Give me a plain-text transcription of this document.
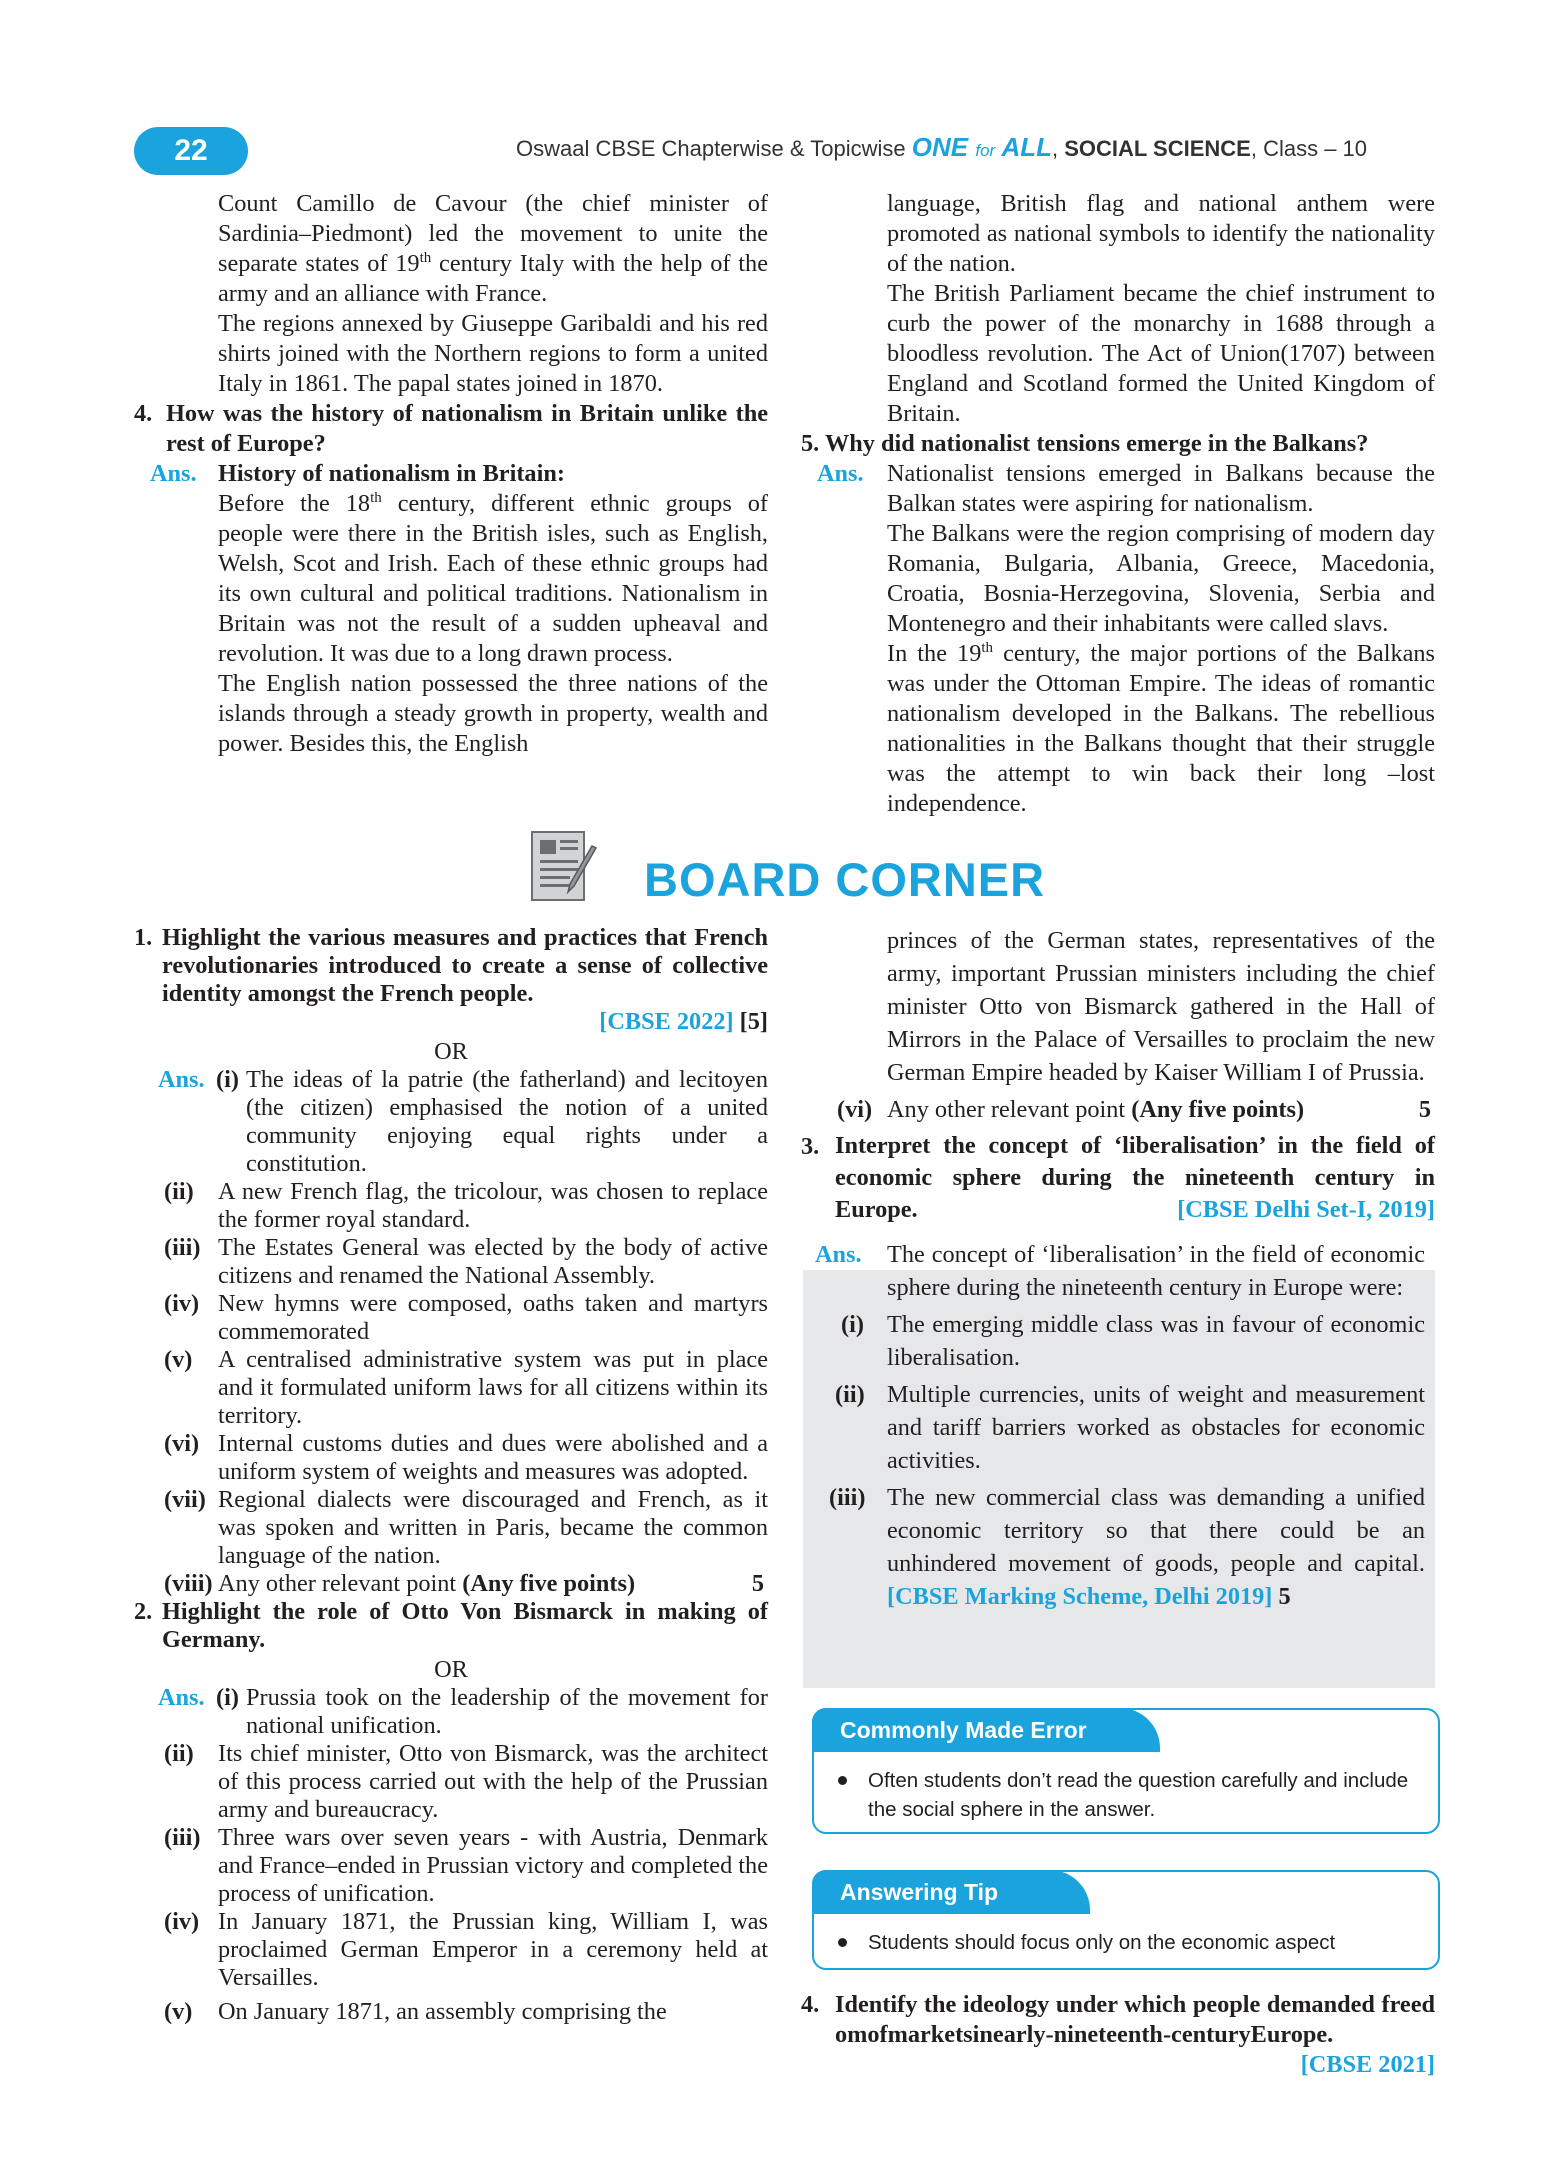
22	Oswaal CBSE Chapterwise & Topicwise ONE for ALL, SOCIAL SCIENCE, Class – 10
Count Camillo de Cavour (the chief minister of Sardinia–Piedmont) led the movement to unite the separate states of 19th century Italy with the help of the army and an alliance with France.
The regions annexed by Giuseppe Garibaldi and his red shirts joined with the Northern regions to form a united Italy in 1861. The papal states joined in 1870.
4. How was the history of nationalism in Britain unlike the rest of Europe?
Ans. History of nationalism in Britain:
Before the 18th century, different ethnic groups of people were there in the British isles, such as English, Welsh, Scot and Irish. Each of these ethnic groups had its own cultural and political traditions. Nationalism in Britain was not the result of a sudden upheaval and revolution. It was due to a long drawn process.
The English nation possessed the three nations of the islands through a steady growth in property, wealth and power. Besides this, the English
language, British flag and national anthem were promoted as national symbols to identify the nationality of the nation.
The British Parliament became the chief instrument to curb the power of the monarchy in 1688 through a bloodless revolution. The Act of Union(1707) between England and Scotland formed the United Kingdom of Britain.
5. Why did nationalist tensions emerge in the Balkans?
Ans. Nationalist tensions emerged in Balkans because the Balkan states were aspiring for nationalism.
The Balkans were the region comprising of modern day Romania, Bulgaria, Albania, Greece, Macedonia, Croatia, Bosnia-Herzegovina, Slovenia, Serbia and Montenegro and their inhabitants were called slavs.
In the 19th century, the major portions of the Balkans was under the Ottoman Empire. The ideas of romantic nationalism developed in the Balkans. The rebellious nationalities in the Balkans thought that their struggle was the attempt to win back their long –lost independence.
BOARD CORNER
1. Highlight the various measures and practices that French revolutionaries introduced to create a sense of collective identity amongst the French people.
[CBSE 2022] [5]
OR
Ans. (i) The ideas of la patrie (the fatherland) and lecitoyen (the citizen) emphasised the notion of a united community enjoying equal rights under a constitution.
(ii)	A new French flag, the tricolour, was chosen to replace the former royal standard.
(iii) The Estates General was elected by the body of active citizens and renamed the National Assembly.
(iv) New hymns were composed, oaths taken and martyrs commemorated
(v)	A centralised administrative system was put in place and it formulated uniform laws for all citizens within its territory.
(vi) Internal customs duties and dues were abolished and a uniform system of weights and measures was adopted.
(vii) Regional dialects were discouraged and French, as it was spoken and written in Paris, became the common language of the nation.
(viii) Any other relevant point (Any five points)	5
2. Highlight the role of Otto Von Bismarck in making of Germany.
OR
Ans. (i) Prussia took on the leadership of the movement for national unification.
(ii)	Its chief minister, Otto von Bismarck, was the architect of this process carried out with the help of the Prussian army and bureaucracy.
(iii) Three wars over seven years - with Austria, Denmark and France–ended in Prussian victory and completed the process of unification.
(iv) In January 1871, the Prussian king, William I, was proclaimed German Emperor in a ceremony held at Versailles.
(v)	On January 1871, an assembly comprising the
princes of the German states, representatives of the army, important Prussian ministers including the chief minister Otto von Bismarck gathered in the Hall of Mirrors in the Palace of Versailles to proclaim the new German Empire headed by Kaiser William I of Prussia.
(vi) Any other relevant point (Any five points)	5
3. Interpret the concept of ‘liberalisation’ in the field of economic sphere during the nineteenth century in Europe.	[CBSE Delhi Set-I, 2019]
Ans.	The concept of ‘liberalisation’ in the field of economic sphere during the nineteenth century in Europe were:
(i) The emerging middle class was in favour of economic liberalisation.
(ii) Multiple currencies, units of weight and measurement and tariff barriers worked as obstacles for economic activities.
(iii) The new commercial class was demanding a unified economic territory so that there could be an unhindered movement of goods, people and capital. [CBSE Marking Scheme, Delhi 2019] 5
Commonly Made Error
Often students don’t read the question carefully and include the social sphere in the answer.
Answering Tip
Students should focus only on the economic aspect
4. Identify the ideology under which people demanded freedomofmarketsinearly-nineteenth-centuryEurope.
[CBSE 2021]
